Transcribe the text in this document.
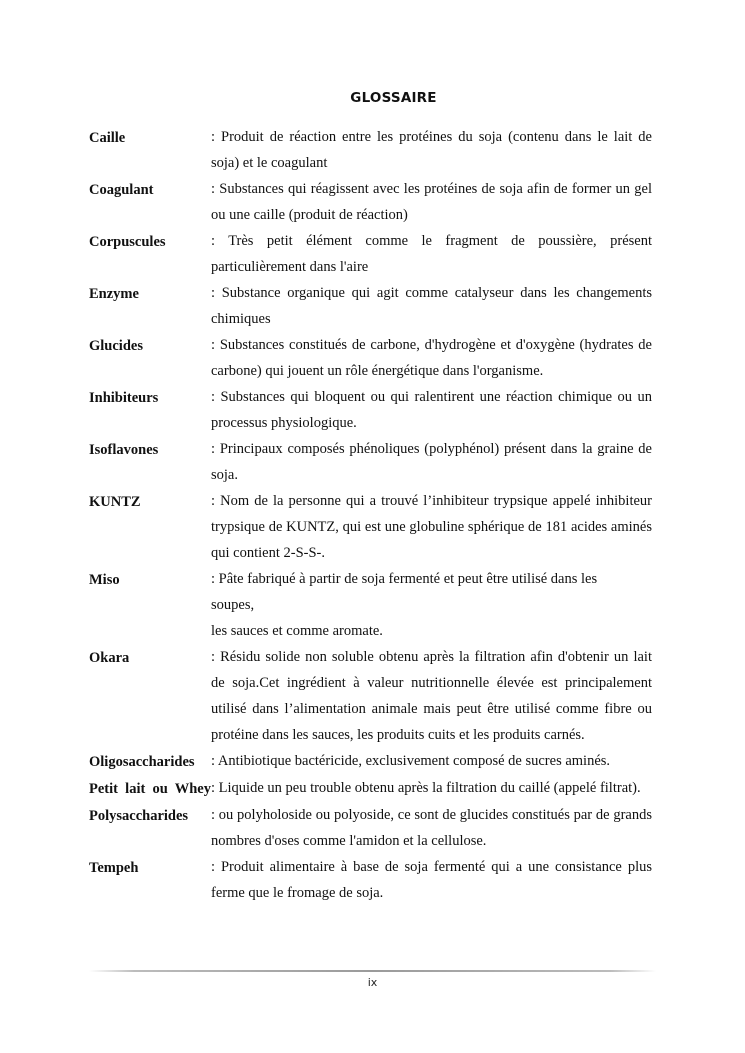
GLOSSAIRE
Caille	: Produit de réaction entre les protéines du soja (contenu dans le lait de soja) et le coagulant
Coagulant	: Substances qui réagissent avec les protéines de soja afin de former un gel ou une caille (produit de réaction)
Corpuscules	: Très petit élément comme le fragment de poussière, présent particulièrement dans l'aire
Enzyme	: Substance organique qui agit comme catalyseur dans les changements chimiques
Glucides	: Substances constitués de carbone, d'hydrogène et d'oxygène (hydrates de carbone) qui jouent un rôle énergétique dans l'organisme.
Inhibiteurs	: Substances qui bloquent ou qui ralentirent une réaction chimique ou un processus physiologique.
Isoflavones	: Principaux composés phénoliques (polyphénol) présent dans la graine de soja.
KUNTZ	: Nom de la personne qui a trouvé l’inhibiteur trypsique appelé inhibiteur trypsique de KUNTZ, qui est une globuline sphérique de 181 acides aminés qui contient 2-S-S-.
Miso	: Pâte fabriqué à partir de soja fermenté et peut être utilisé dans les
soupes,
les sauces et comme aromate.
Okara	: Résidu solide non soluble obtenu après la filtration afin d'obtenir un lait de soja.Cet ingrédient à valeur nutritionnelle élevée est principalement utilisé dans l’alimentation animale mais peut être utilisé comme fibre ou protéine dans les sauces, les produits cuits et les produits carnés.
Oligosaccharides	: Antibiotique bactéricide, exclusivement composé de sucres aminés.
Petit lait ou Whey : Liquide un peu trouble obtenu après la filtration du caillé (appelé filtrat).
Polysaccharides	: ou polyholoside ou polyoside, ce sont de glucides constitués par de grands nombres d'oses comme l'amidon et la cellulose.
Tempeh	: Produit alimentaire à base de soja fermenté qui a une consistance plus ferme que le fromage de soja.
ix
